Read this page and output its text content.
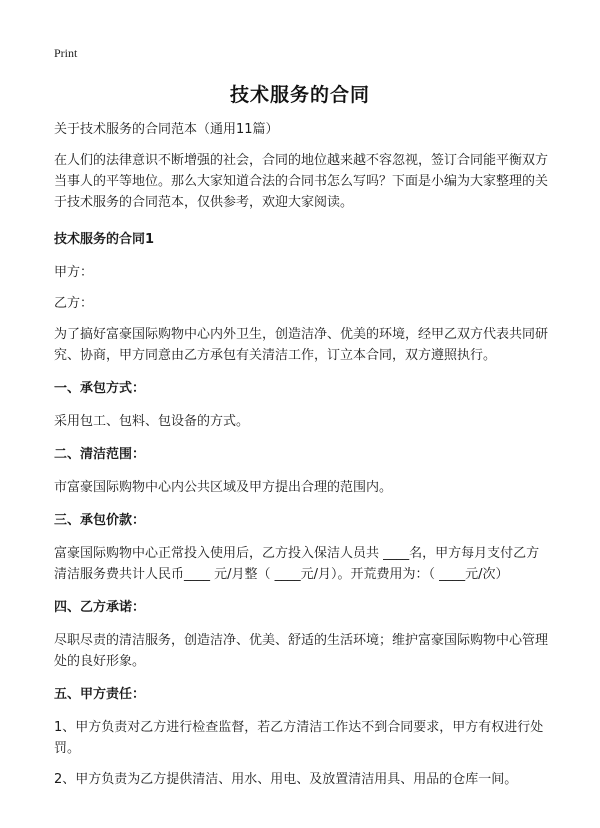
Print
技术服务的合同

关于技术服务的合同范本（通用11篇）

在人们的法律意识不断增强的社会，合同的地位越来越不容忽视，签订合同能平衡双方当事人的平等地位。那么大家知道合法的合同书怎么写吗？下面是小编为大家整理的关于技术服务的合同范本，仅供参考，欢迎大家阅读。

技术服务的合同1

甲方：

乙方：

为了搞好富豪国际购物中心内外卫生，创造洁净、优美的环境，经甲乙双方代表共同研究、协商，甲方同意由乙方承包有关清洁工作，订立本合同，双方遵照执行。

一、承包方式：

采用包工、包料、包设备的方式。

二、清洁范围：

市富豪国际购物中心内公共区域及甲方提出合理的范围内。

三、承包价款：

富豪国际购物中心正常投入使用后，乙方投入保洁人员共 ____名，甲方每月支付乙方清洁服务费共计人民币____ 元/月整（ ____元/月）。开荒费用为：（ ____元/次）

四、乙方承诺：

尽职尽责的清洁服务，创造洁净、优美、舒适的生活环境；维护富豪国际购物中心管理处的良好形象。

五、甲方责任：

1、甲方负责对乙方进行检查监督，若乙方清洁工作达不到合同要求，甲方有权进行处罚。

2、甲方负责为乙方提供清洁、用水、用电、及放置清洁用具、用品的仓库一间。
